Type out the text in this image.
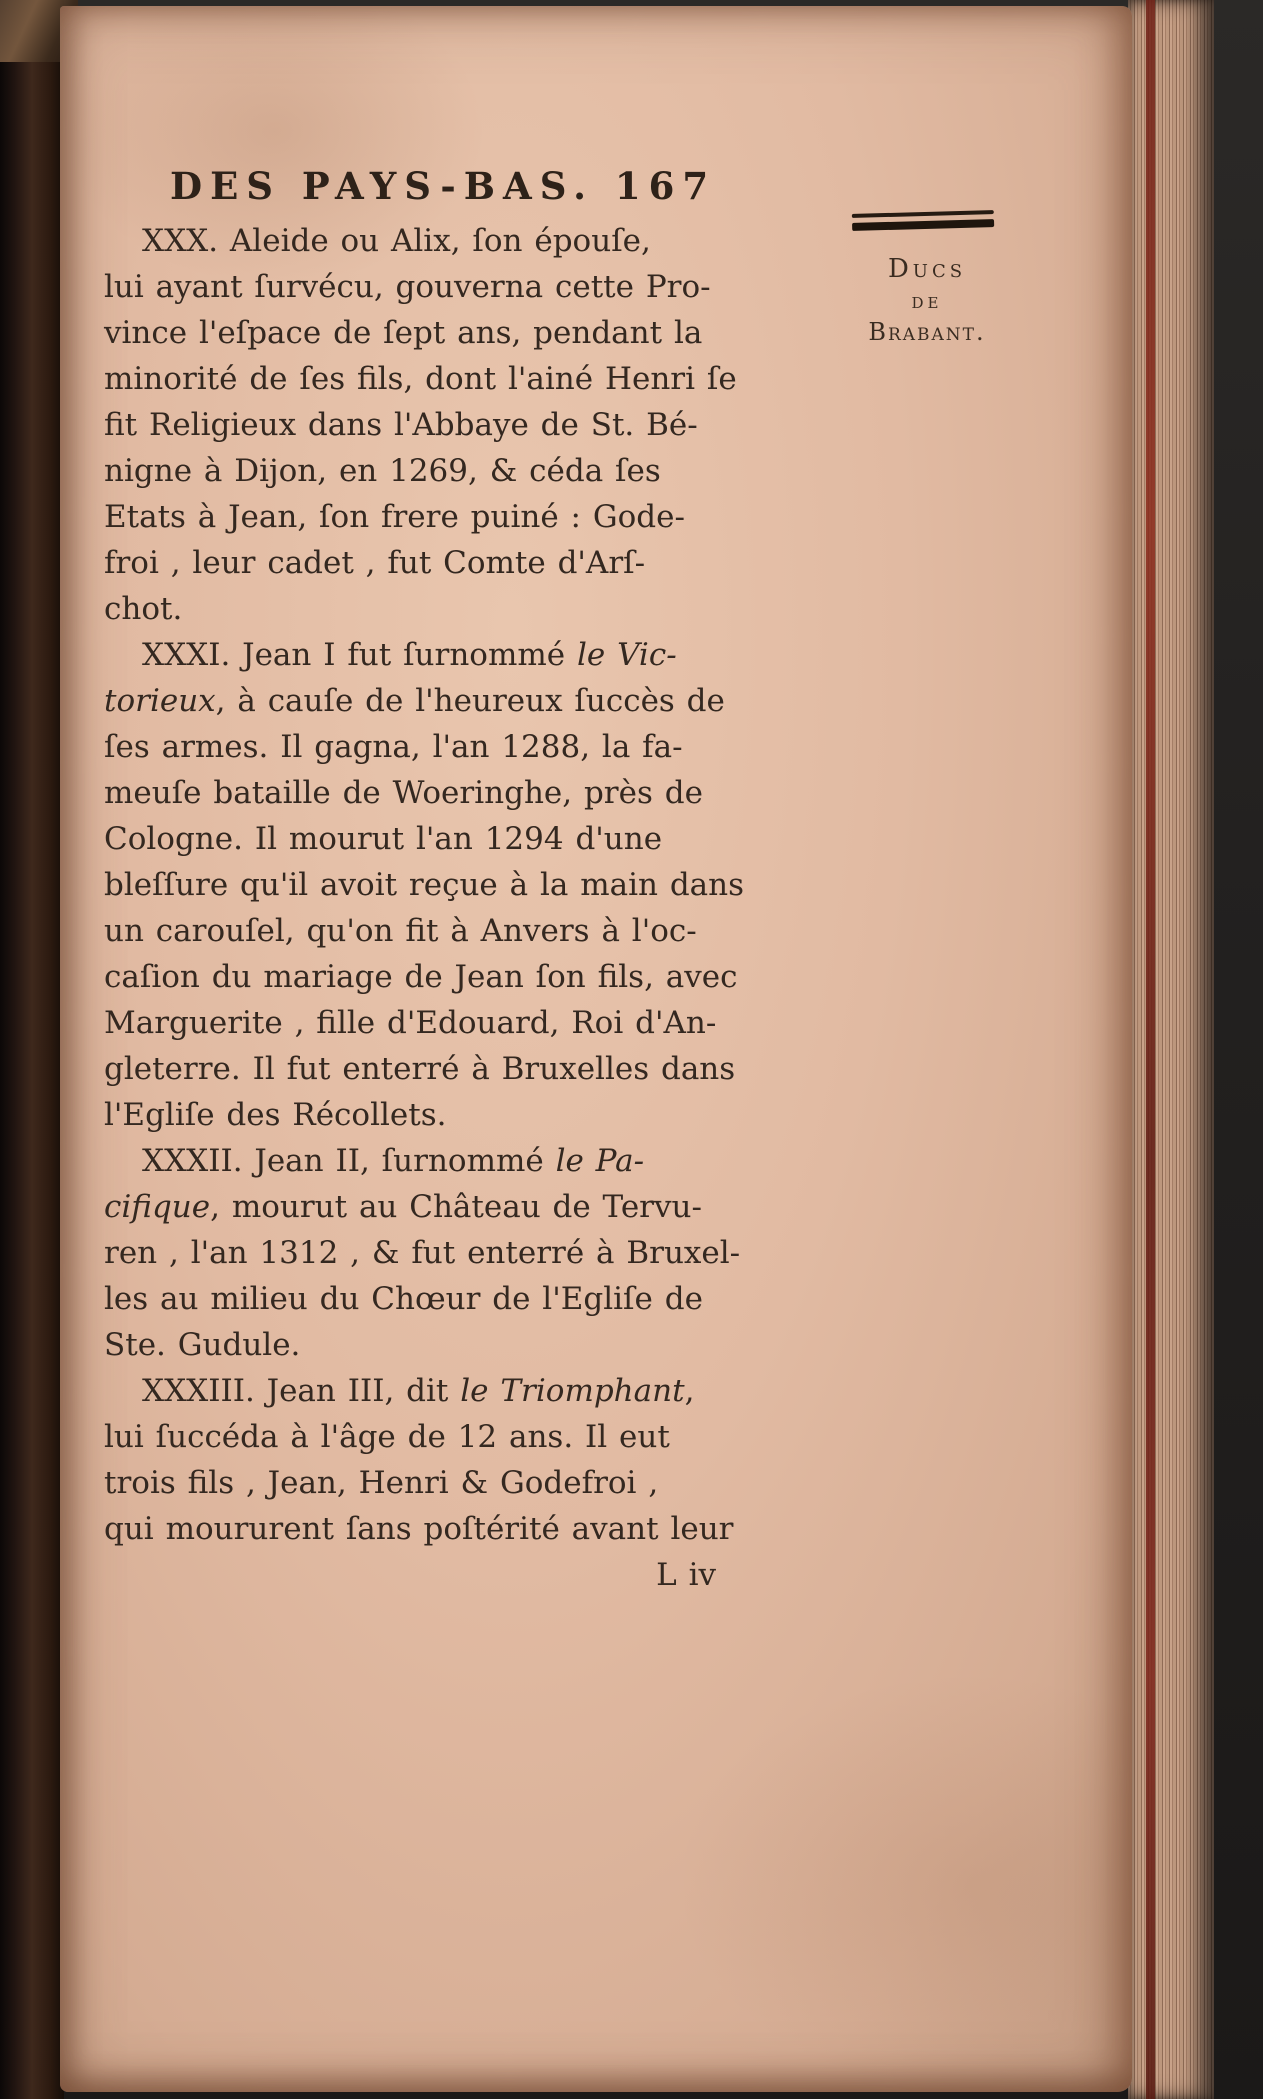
DES PAYS-BAS. 167
Ducs
de
Brabant.
XXX. Aleide ou Alix, ſon épouſe,
lui ayant ſurvécu, gouverna cette Pro-
vince l'eſpace de ſept ans, pendant la
minorité de ſes fils, dont l'ainé Henri ſe
fit Religieux dans l'Abbaye de St. Bé-
nigne à Dijon, en 1269, & céda ſes
Etats à Jean, ſon frere puiné : Gode-
froi , leur cadet , fut Comte d'Arſ-
chot.
XXXI. Jean I fut ſurnommé le Vic-
torieux, à cauſe de l'heureux ſuccès de
ſes armes. Il gagna, l'an 1288, la fa-
meuſe bataille de Woeringhe, près de
Cologne. Il mourut l'an 1294 d'une
bleſſure qu'il avoit reçue à la main dans
un carouſel, qu'on fit à Anvers à l'oc-
caſion du mariage de Jean ſon fils, avec
Marguerite , fille d'Edouard, Roi d'An-
gleterre. Il fut enterré à Bruxelles dans
l'Egliſe des Récollets.
XXXII. Jean II, ſurnommé le Pa-
cifique, mourut au Château de Tervu-
ren , l'an 1312 , & fut enterré à Bruxel-
les au milieu du Chœur de l'Egliſe de
Ste. Gudule.
XXXIII. Jean III, dit le Triomphant,
lui ſuccéda à l'âge de 12 ans. Il eut
trois fils , Jean, Henri & Godefroi ,
qui moururent ſans poſtérité avant leur
L iv
